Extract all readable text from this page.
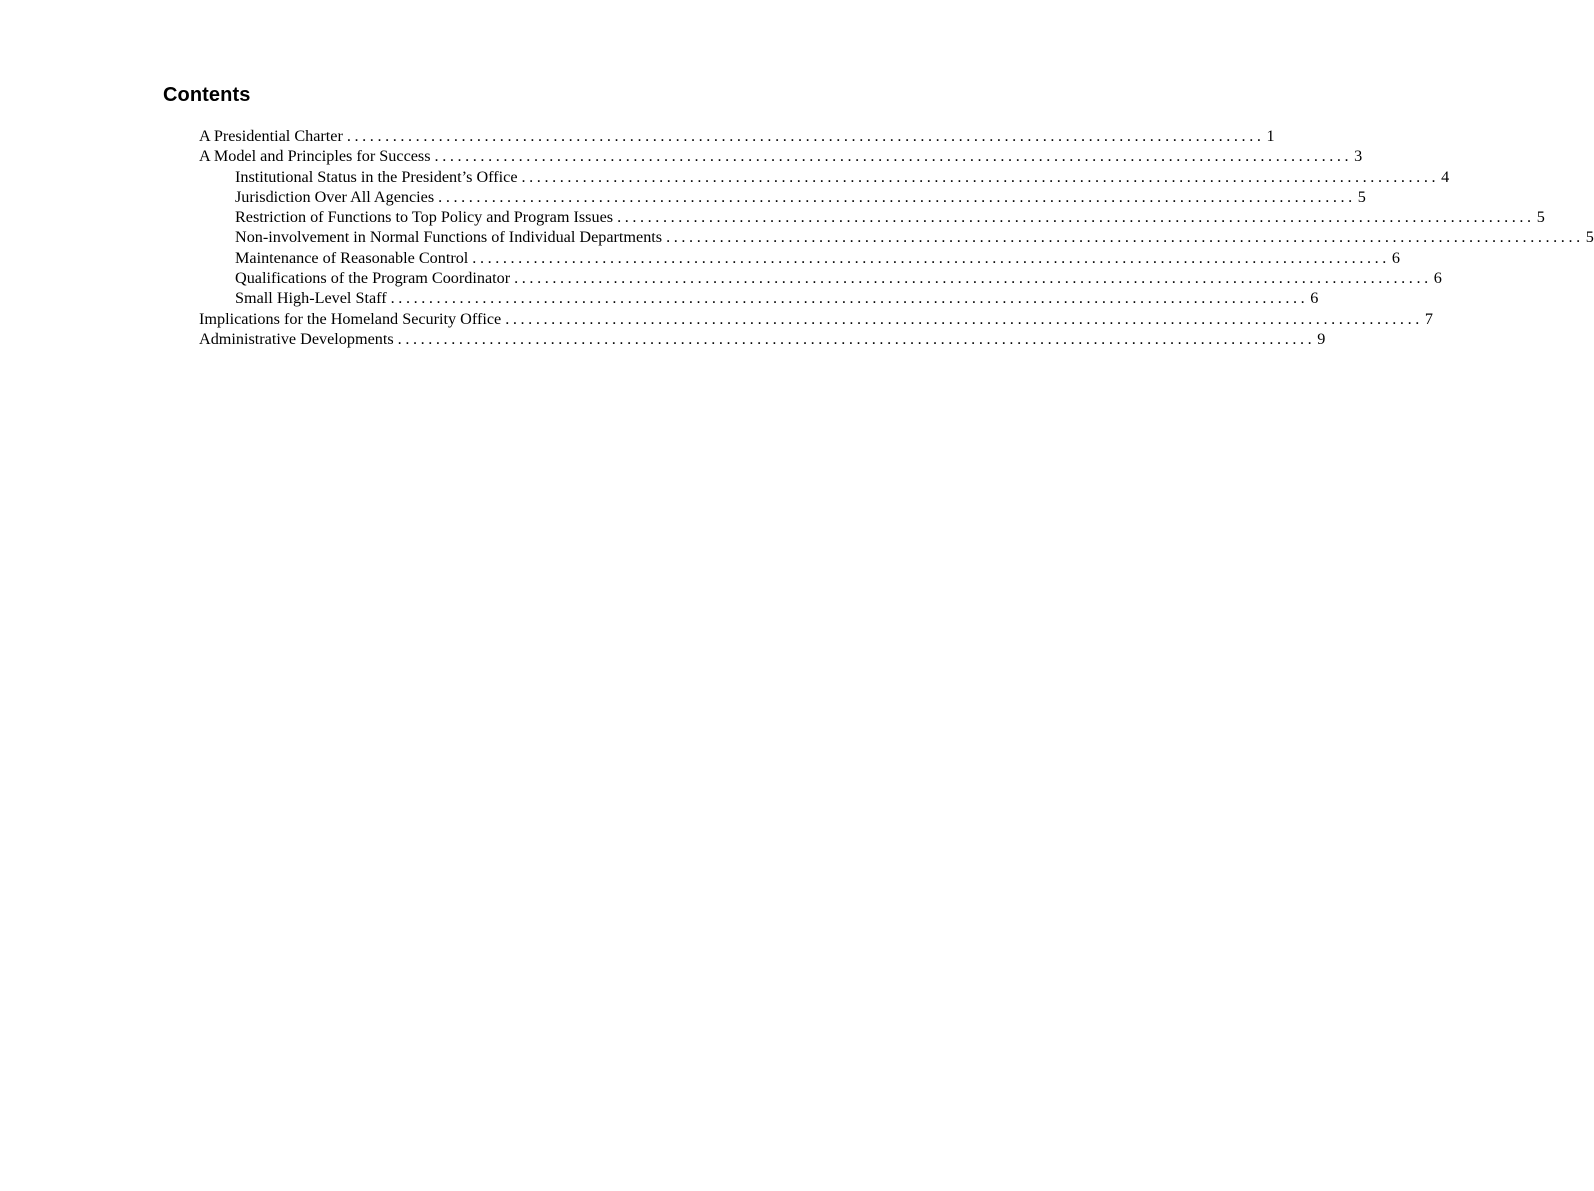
Contents
A Presidential Charter ........................................................................................................................ 1
A Model and Principles for Success ........................................................................................................................ 3
Institutional Status in the President’s Office ........................................................................................................................ 4
Jurisdiction Over All Agencies ........................................................................................................................ 5
Restriction of Functions to Top Policy and Program Issues ........................................................................................................................ 5
Non-involvement in Normal Functions of Individual Departments ........................................................................................................................ 5
Maintenance of Reasonable Control ........................................................................................................................ 6
Qualifications of the Program Coordinator ........................................................................................................................ 6
Small High-Level Staff ........................................................................................................................ 6
Implications for the Homeland Security Office ........................................................................................................................ 7
Administrative Developments ........................................................................................................................ 9
